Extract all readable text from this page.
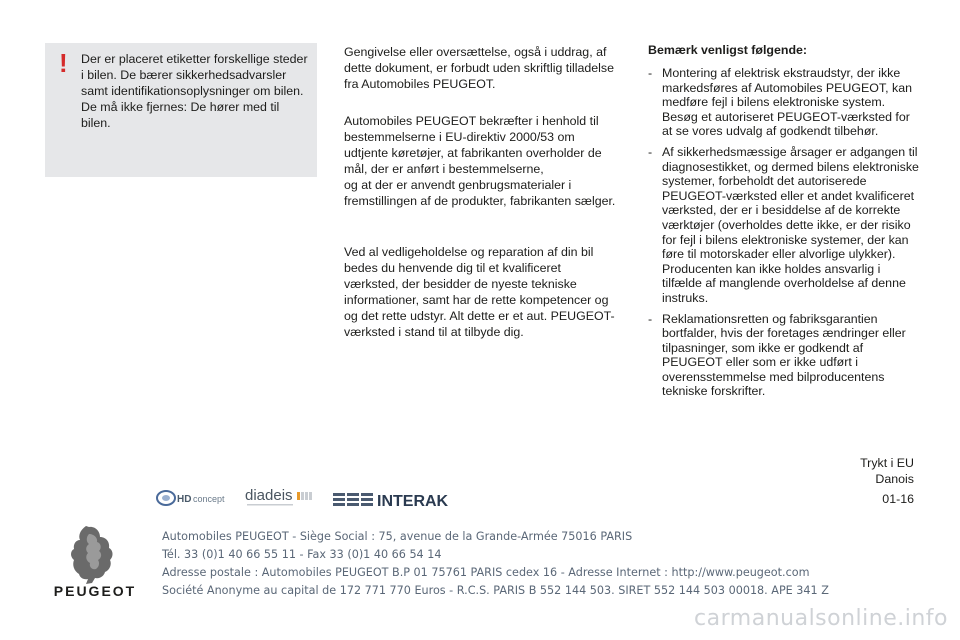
! Der er placeret etiketter forskellige steder i bilen. De bærer sikkerhedsadvarsler samt identifikationsoplysninger om bilen. De må ikke fjernes: De hører med til bilen.

Gengivelse eller oversættelse, også i uddrag, af dette dokument, er forbudt uden skriftlig tilladelse fra Automobiles PEUGEOT.

Automobiles PEUGEOT bekræfter i henhold til bestemmelserne i EU-direktiv 2000/53 om udtjente køretøjer, at fabrikanten overholder de mål, der er anført i bestemmelserne,
og at der er anvendt genbrugsmaterialer i fremstillingen af de produkter, fabrikanten sælger.

Ved al vedligeholdelse og reparation af din bil bedes du henvende dig til et kvalificeret værksted, der besidder de nyeste tekniske informationer, samt har de rette kompetencer og og det rette udstyr. Alt dette er et aut. PEUGEOT-værksted i stand til at tilbyde dig.

Bemærk venligst følgende:
- Montering af elektrisk ekstraudstyr, der ikke markedsføres af Automobiles PEUGEOT, kan medføre fejl i bilens elektroniske system. Besøg et autoriseret PEUGEOT-værksted for at se vores udvalg af godkendt tilbehør.
- Af sikkerhedsmæssige årsager er adgangen til diagnosestikket, og dermed bilens elektroniske systemer, forbeholdt det autoriserede PEUGEOT-værksted eller et andet kvalificeret værksted, der er i besiddelse af de korrekte værktøjer (overholdes dette ikke, er der risiko for fejl i bilens elektroniske systemer, der kan føre til motorskader eller alvorlige ulykker). Producenten kan ikke holdes ansvarlig i tilfælde af manglende overholdelse af denne instruks.
- Reklamationsretten og fabriksgarantien bortfalder, hvis der foretages ændringer eller tilpasninger, som ikke er godkendt af PEUGEOT eller som er ikke udført i overensstemmelse med bilproducentens tekniske forskrifter.
Trykt i EU
Danois
01-16
HD concept diadeis	INTERAK
PEUGEOT
Automobiles PEUGEOT - Siège Social : 75, avenue de la Grande-Armée 75016 PARIS
Tél. 33 (0)1 40 66 55 11 - Fax 33 (0)1 40 66 54 14
Adresse postale : Automobiles PEUGEOT B.P 01 75761 PARIS cedex 16 - Adresse Internet : http://www.peugeot.com
Société Anonyme au capital de 172 771 770 Euros - R.C.S. PARIS B 552 144 503. SIRET 552 144 503 00018. APE 341 Z
carmanualsonline.info
